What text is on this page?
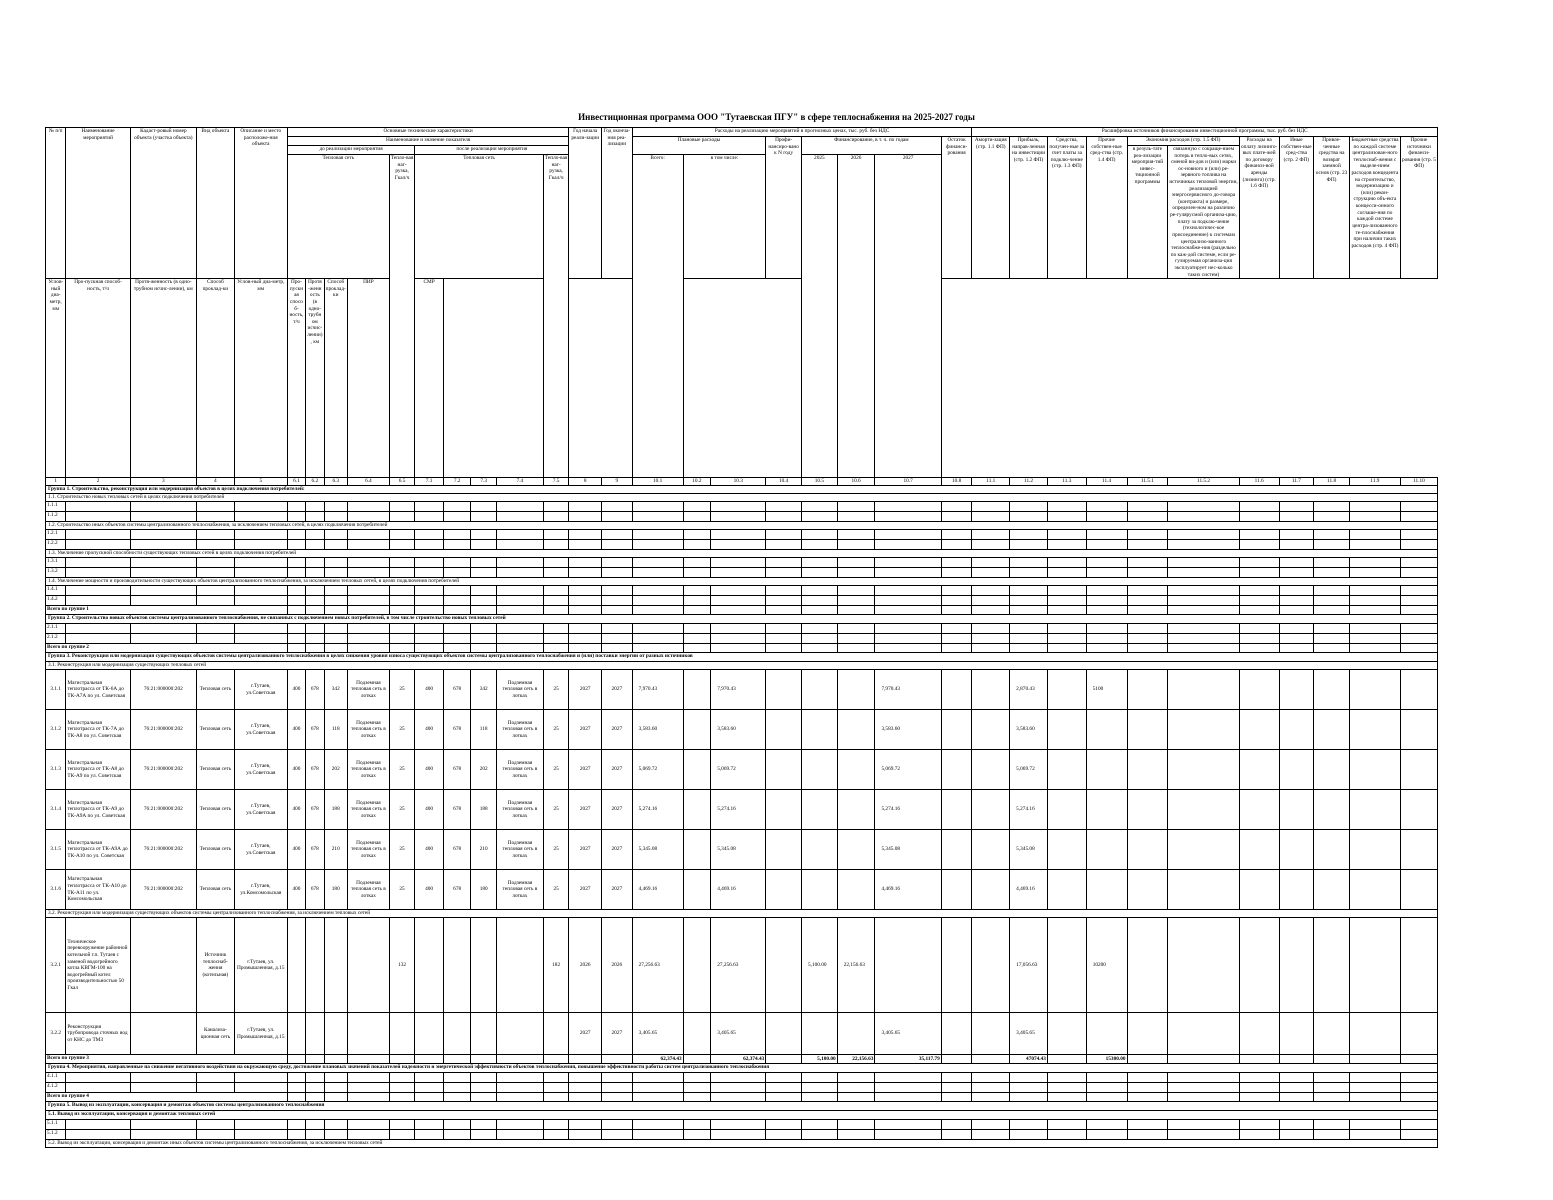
Инвестиционная программа ООО "Тутаевская ПГУ" в сфере теплоснабжения на 2025-2027 годы
№ п/п	Наименование мероприятий	Кадаст-ровый номер объекта (участка объекта)	Вид объекта	Описание и место расположе-ния объекта	Основные технические характеристики										Год начала реали-зации	Год оконча-ния реа-лизации	Расходы на реализацию мероприятий в прогнозных ценах, тыс. руб. без НДС								Расшифровка источников финансирования инвестиционной программы, тыс. руб. без НДС										
					Наименование и значение показателя												Плановые расходы			Профи-нансиро-вано к N году	Финансирование, в т. ч. по годам			Остаток финанси-рования	Аморти-зация (стр. 1.1 ФП)	Прибыль, направ-ленная на инвестиции (стр. 1.2 ФП)	Средства, получен-ные за счет платы за подклю-чение (стр. 1.3 ФП)	Прочие собствен-ные сред-ства (стр. 1.4 ФП)	Экономия расходов (стр. 1.5 ФП)		Расходы на оплату лизинго-вых плате-жей по договору финанси-вой аренды (лизинга) (стр. 1.6 ФП)	Иные собствен-ные сред-ства (стр. 2 ФП)	Привле-ченные средства на возврат заемной основ (стр. 23 ФП)	Бюджетные средства по каждой системе централизован-ного теплоснаб-жения с выделе-нием расходов концедента на строительство, модернизацию и (или) рекон-струкцию объ-екта концесси-онного соглаше-ния по каждой системе центра-лизованного те-плоснабжения при наличии таких расходов (стр. 4 ФП)	Прочие источники финанси-рования (стр. 5 ФП)
					до реализации мероприятия					после реализации мероприятия																			в резуль-тате реа-лизации мероприя-тий инвес-тиционной программы	связанную с сокраще-нием потерь в тепло-вых сетях, сменой ви-дов и (или) марки ос-новного и (или) ре-зервного топлива на источниках тепловой энергии, реализацией энергосервисного до-говора (контракта) и размере, определен-ном на различно ре-гулярусмой организа-цию, плату за подклю-чение (технологичес-кое присоединение) к системам централизо-ванного теплоснабже-ния (раздельно по каж-дой системе, если ре-гулируемая организа-ция эксплуатирует нес-колько таких систем)					
					Тепловая сеть				Тепло-вая наг-рузка, Гкал/ч	Тепловая сеть				Тепло-вая наг-рузка, Гкал/ч			Всего:	в том числе:			2025	2026	2027												
Услов-ный диа-метр, мм	Про-пускная способ-ность, т/ч	Протя-женность (в одно-трубном исчис-лении), км	Способ проклад-ки	Услов-ный диа-метр, мм	Про-пускная способ-ность, т/ч	Протя-женность (в одно-трубном исчис-лении), км	Способ проклад-ки	ПИР		СМР																									
1	2	3	4	5	6.1	6.2	6.3	6.4	6.5	7.1	7.2	7.3	7.4	7.5	8	9	10.1	10.2	10.3	10.4	10.5	10.6	10.7	10.8	11.1	11.2	11.3	11.4	11.5.1	11.5.2	11.6	11.7	11.8	11.9	11.10
Группа 1. Строительство, реконструкция или модернизация объектов в целях подключения потребителей:																																			
1.1. Строительство новых тепловых сетей в целях подключения потребителей																																			
1.1.1																																			
1.1.2																																			
1.2. Строительство иных объектов системы централизованного теплоснабжения, за исключением тепловых сетей, в целях подключения потребителей																																			
1.2.1																																			
1.2.2																																			
1.3. Увеличение пропускной способности существующих тепловых сетей в целях подключения потребителей																																			
1.3.1																																			
1.3.2																																			
1.4. Увеличение мощности и производительности существующих объектов централизованного теплоснабжения, за исключением тепловых сетей, в целях подключения потребителей																																			
1.4.1																																			
1.4.2																																			
Всего по группе 1																																			
Группа 2. Строительство новых объектов системы централизованного теплоснабжения, не связанных с подключением новых потребителей, в том числе строительство новых тепловых сетей																																			
2.1.1																																			
2.1.2																																			
Всего по группе 2																																			
Группа 3. Реконструкция или модернизация существующих объектов системы централизованного теплоснабжения в целях снижения уровня износа существующих объектов системы централизованного теплоснабжения и (или) поставки энергии от разных источников																																			
3.1. Реконструкция или модернизация существующих тепловых сетей																																			
3.1.1	Магистральная теплотрасса от ТК-6А до ТК-А7А по ул. Советская	76:21:000000:202	Тепловая сеть	г.Тутаев, ул.Советская	400	678	342	Подземная тепловая сеть в лотках	25	400	678	342	Подземная тепловая сеть в лотках	25	2027	2027	7,970.43		7,970.43				7,970.43			2,870.43		5100							
3.1.2	Магистральная теплотрасса от ТК-7А до ТК-А8 по ул. Советская	76:21:000000:202	Тепловая сеть	г.Тутаев, ул.Советская	400	678	118	Подземная тепловая сеть в лотках	25	400	678	118	Подземная тепловая сеть в лотках	25	2027	2027	3,583.60		3,583.60				3,583.60			3,583.60									
3.1.3	Магистральная теплотрасса от ТК-А8 до ТК-А9 по ул. Советская	76:21:000000:202	Тепловая сеть	г.Тутаев, ул.Советская	400	678	202	Подземная тепловая сеть в лотках	25	400	678	202	Подземная тепловая сеть в лотках	25	2027	2027	5,069.72		5,069.72				5,069.72			5,069.72									
3.1.4	Магистральная теплотрасса от ТК-А9 до ТК-А9А по ул. Советская	76:21:000000:202	Тепловая сеть	г.Тутаев, ул.Советская	400	678	188	Подземная тепловая сеть в лотках	25	400	678	188	Подземная тепловая сеть в лотках	25	2027	2027	5,274.16		5,274.16				5,274.16			5,274.16									
3.1.5	Магистральная теплотрасса от ТК-А9А до ТК-А10 по ул. Советская	76:21:000000:202	Тепловая сеть	г.Тутаев, ул.Советская	400	678	210	Подземная тепловая сеть в лотках	25	400	678	210	Подземная тепловая сеть в лотках	25	2027	2027	5,345.08		5,345.08				5,345.08			5,345.08									
3.1.6	Магистральная теплотрасса от ТК-А10 до ТК-А11 по ул. Комсомольская	76:21:000000:202	Тепловая сеть	г.Тутаев, ул.Комсомольская	400	678	180	Подземная тепловая сеть в лотках	25	400	678	180	Подземная тепловая сеть в лотках	25	2027	2027	4,469.16		4,469.16				4,469.16			4,469.16									
3.2. Реконструкция или модернизация существующих объектов системы централизованного теплоснабжения, за исключением тепловых сетей																																			
3.2.1	Техническое перевооружение районной котельной г.п. Тутаев с заменой водогрейного котла КВГМ-100 на водогрейный котел производительностью 50 Гкал		Источник теплоснаб-жения (котельная)	г.Тутаев, ул. Промышленная, д.15					132					182	2026	2026	27,256.63		27,256.63		5,100.00	22,156.63				17,056.63		10200							
3.2.2	Реконструкция трубопровода сточных вод от КНС до ТМЗ		Канализа-ционная сеть	г.Тутаев, ул. Промышленная, д.15											2027	2027	3,405.65		3,405.65				3,405.65			3,405.65									
Всего по группе 3																	62,374.43		62,374.43		5,100.00	22,156.63	35,117.79			47074.43		15300.00							
Группа 4. Мероприятия, направленные на снижение негативного воздействия на окружающую среду, достижение плановых значений показателей надежности и энергетической эффективности объектов теплоснабжения, повышение эффективности работы систем централизованного теплоснабжения																																			
4.1.1																																			
4.1.2																																			
Всего по группе 4																																			
Группа 5. Вывод из эксплуатации, консервация и демонтаж объектов системы централизованного теплоснабжения																																			
5.1. Вывод из эксплуатации, консервация и демонтаж тепловых сетей																																			
5.1.1																																			
5.1.2																																			
5.2. Вывод из эксплуатации, консервация и демонтаж иных объектов системы централизованного теплоснабжения, за исключением тепловых сетей																																			
